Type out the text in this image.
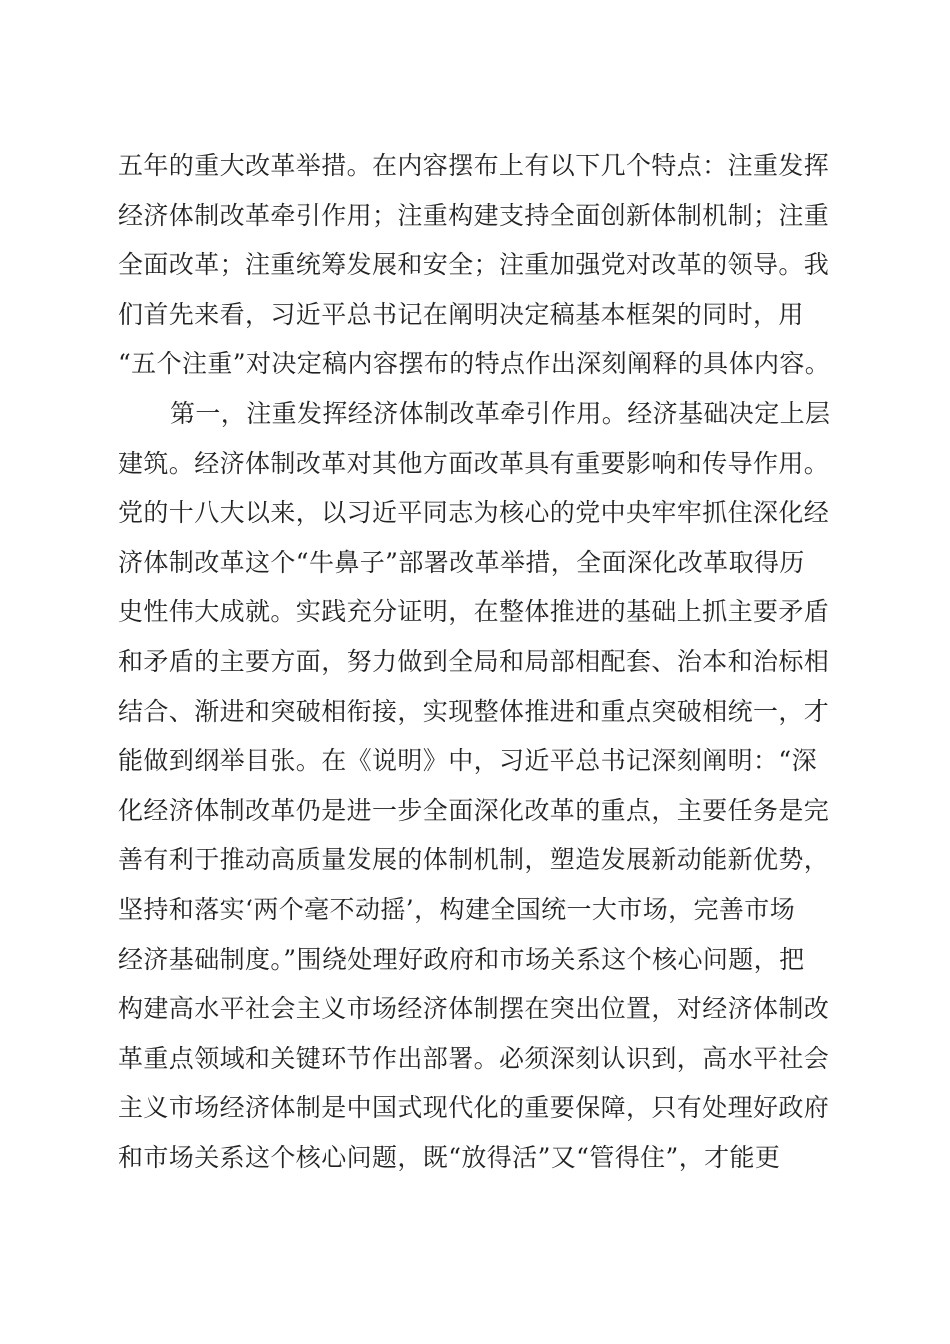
五年的重大改革举措。在内容摆布上有以下几个特点：注重发挥
经济体制改革牵引作用；注重构建支持全面创新体制机制；注重
全面改革；注重统筹发展和安全；注重加强党对改革的领导。我
们首先来看，习近平总书记在阐明决定稿基本框架的同时，用
“五个注重”对决定稿内容摆布的特点作出深刻阐释的具体内容。
第一，注重发挥经济体制改革牵引作用。经济基础决定上层
建筑。经济体制改革对其他方面改革具有重要影响和传导作用。
党的十八大以来，以习近平同志为核心的党中央牢牢抓住深化经
济体制改革这个“牛鼻子”部署改革举措，全面深化改革取得历
史性伟大成就。实践充分证明，在整体推进的基础上抓主要矛盾
和矛盾的主要方面，努力做到全局和局部相配套、治本和治标相
结合、渐进和突破相衔接，实现整体推进和重点突破相统一，才
能做到纲举目张。在《说明》中，习近平总书记深刻阐明：“深
化经济体制改革仍是进一步全面深化改革的重点，主要任务是完
善有利于推动高质量发展的体制机制，塑造发展新动能新优势，
坚持和落实‘两个毫不动摇’，构建全国统一大市场，完善市场
经济基础制度。”围绕处理好政府和市场关系这个核心问题，把
构建高水平社会主义市场经济体制摆在突出位置，对经济体制改
革重点领域和关键环节作出部署。必须深刻认识到，高水平社会
主义市场经济体制是中国式现代化的重要保障，只有处理好政府
和市场关系这个核心问题，既“放得活”又“管得住”，才能更
